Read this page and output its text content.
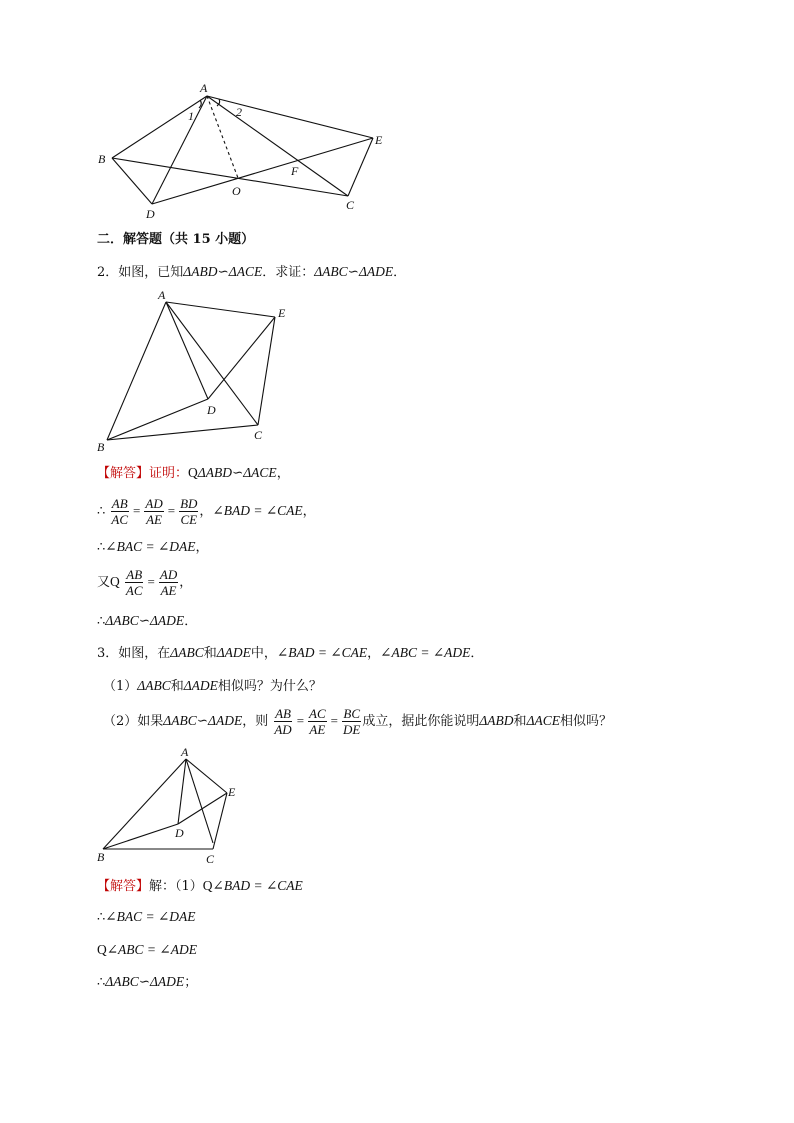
A
1	2
B
E
F
O
D
C
二．解答题（共 15 小题）
2．如图，已知ΔABD∽ΔACE．求证：ΔABC∽ΔADE．
A
E
D
B
C
【解答】证明：QΔABD∽ΔACE，
∴ $\frac{AB}{AC} = \frac{AD}{AE} = \frac{BD}{CE}$ ，∠BAD = ∠CAE，
∴∠BAC = ∠DAE，
又Q $\frac{AB}{AC} = \frac{AD}{AE}$ ，
∴ΔABC∽ΔADE．
3．如图，在ΔABC和ΔADE中，∠BAD = ∠CAE，∠ABC = ∠ADE．
（1）ΔABC和ΔADE相似吗？为什么？
（2）如果ΔABC∽ΔADE，则 $\frac{AB}{AD} = \frac{AC}{AE} = \frac{BC}{DE}$ 成立，据此你能说明ΔABD和ΔACE相似吗？
A
E
D
B	C
【解答】解：（1）Q∠BAD = ∠CAE
∴∠BAC = ∠DAE
Q∠ABC = ∠ADE
∴ΔABC∽ΔADE；
